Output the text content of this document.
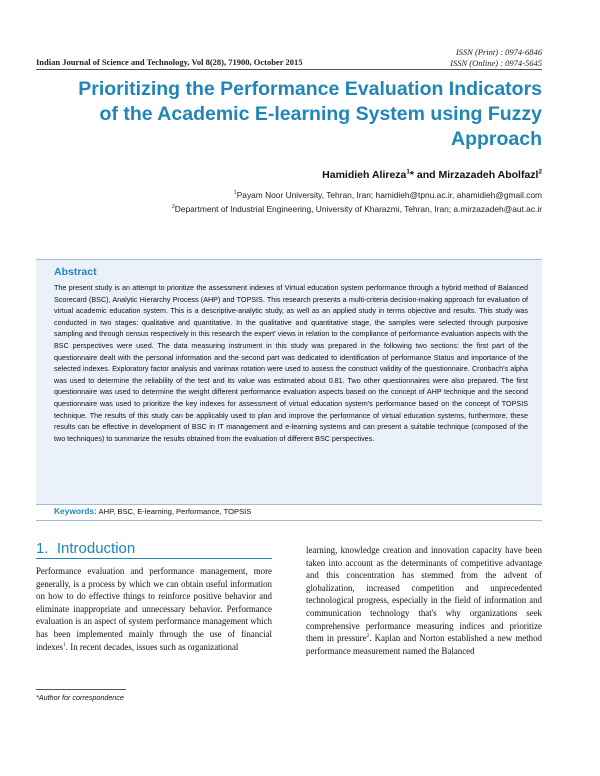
ISSN (Print) : 0974-6846
ISSN (Online) : 0974-5645
Indian Journal of Science and Technology, Vol 8(28), 71900, October 2015
Prioritizing the Performance Evaluation Indicators of the Academic E-learning System using Fuzzy Approach
Hamidieh Alireza$^1$* and Mirzazadeh Abolfazl$^2$
$^1$Payam Noor University, Tehran, Iran; hamidieh@tpnu.ac.ir, ahamidieh@gmail.com
$^2$Department of Industrial Engineering, University of Kharazmi, Tehran, Iran; a.mirzazadeh@aut.ac.ir
Abstract
The present study is an attempt to prioritize the assessment indexes of Virtual education system performance through a hybrid method of Balanced Scorecard (BSC), Analytic Hierarchy Process (AHP) and TOPSIS. This research presents a multi-criteria decision-making approach for evaluation of virtual academic education system. This is a descriptive-analytic study, as well as an applied study in terms objective and results. This study was conducted in two stages: qualitative and quantitative. In the qualitative and quantitative stage, the samples were selected through purposive sampling and through census respectively in this research the expert' views in relation to the compliance of performance evaluation aspects with the BSC perspectives were used. The data measuring instrument in this study was prepared in the following two sections: the first part of the questionnaire dealt with the personal information and the second part was dedicated to identification of performance Status and importance of the selected indexes. Exploratory factor analysis and varimax rotation were used to assess the construct validity of the questionnaire. Cronbach's alpha was used to determine the reliability of the test and its value was estimated about 0.81. Two other questionnaires were also prepared. The first questionnaire was used to determine the weight different performance evaluation aspects based on the concept of AHP technique and the second questionnaire was used to prioritize the key indexes for assessment of virtual education system's performance based on the concept of TOPSIS technique. The results of this study can be applicably used to plan and improve the performance of virtual education systems, furthermore, these results can be effective in development of BSC in IT management and e-learning systems and can present a suitable technique (composed of the two techniques) to summarize the results obtained from the evaluation of different BSC perspectives.
Keywords: AHP, BSC, E-learning, Performance, TOPSIS
1.  Introduction

Performance evaluation and performance management, more generally, is a process by which we can obtain useful information on how to do effective things to reinforce positive behavior and eliminate inappropriate and unnecessary behavior. Performance evaluation is an aspect of system performance management which has been implemented mainly through the use of financial indexes$^1$. In recent decades, issues such as organizational

learning, knowledge creation and innovation capacity have been taken into account as the determinants of competitive advantage and this concentration has stemmed from the advent of globalization, increased competition and unprecedented technological progress, especially in the field of information and communication technology that's why organizations seek comprehensive performance measuring indices and prioritize them in pressure$^2$. Kaplan and Norton established a new method performance measurement named the Balanced

*Author for correspondence
